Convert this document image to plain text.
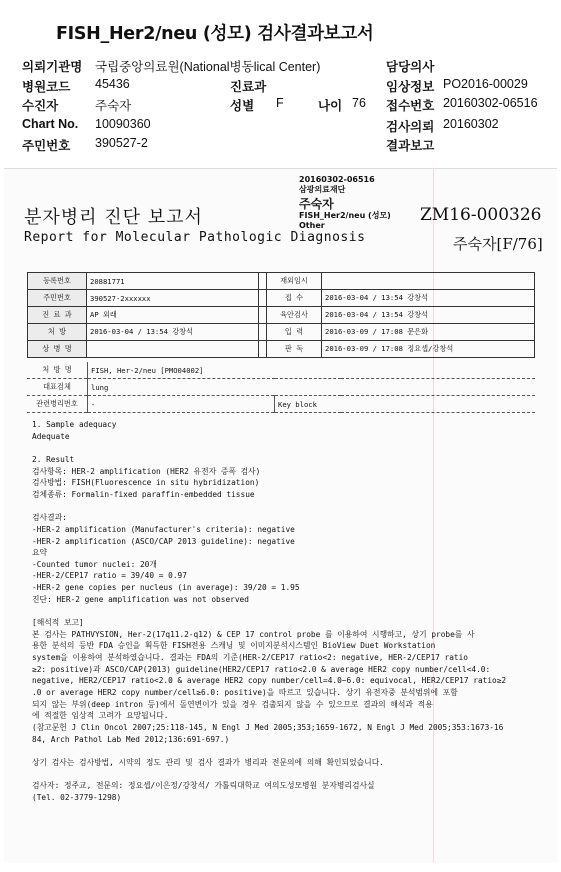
FISH_Her2/neu (성모) 검사결과보고서
의뢰기관명 국립중앙의료원(National병동lical Center)
병원코드 45436
수진자	주숙자
Chart No. 10090360
주민번호 390527-2
진료과
성별 F	나이 76
담당의사
임상정보 PO2016-00029
접수번호 20160302-06516
검사의뢰 20160302
결과보고
20160302-06516
삼광의료재단
주숙자
FISH_Her2/neu (성모)
Other
분자병리 진단 보고서
Report for Molecular Pathologic Diagnosis
ZM16-000326
주숙자[F/76]
등록번호	20881771		재외임시	
주민번호	390527-2xxxxxx		접 수	2016-03-04 / 13:54 강창석
진 료 과	AP 외래		육안검사	2016-03-04 / 13:54 강창석
처 방	2016-03-04 / 13:54 강창석		입 력	2016-03-09 / 17:08 문은화
상 병 명			판 독	2016-03-09 / 17:08 정요셉/강창석
처 방 명	FISH, Her-2/neu [PMO04002]		
대표검체	lung		
관련병리번호	-	Key block	
1. Sample adequacy
Adequate
2. Result
검사항목: HER-2 amplification (HER2 유전자 증폭 검사)
검사방법: FISH(Fluorescence in situ hybridization)
검체종류: Formalin-fixed paraffin-embedded tissue
검사결과:
-HER-2 amplification (Manufacturer's criteria): negative
-HER-2 amplification (ASCO/CAP 2013 guideline): negative
요약
-Counted tumor nuclei: 20개
-HER-2/CEP17 ratio = 39/40 = 0.97
-HER-2 gene copies per nucleus (in average): 39/20 = 1.95
진단: HER-2 gene amplification was not observed
[해석적 보고]
본 검사는 PATHVYSION, Her-2(17q11.2-q12) & CEP 17 control probe 를 이용하여 시행하고, 상기 probe를 사
용한 분석의 등반 FDA 승인을 획득한 FISH전용 스캐닝 및 이미지분석시스템인 BioView Duet Workstation
system을 이용하여 분석하였습니다. 결과는 FDA의 기준(HER-2/CEP17 ratio<2: negative, HER-2/CEP17 ratio
≥2: positive)과 ASCO/CAP(2013) guideline(HER2/CEP17 ratio<2.0 & average HER2 copy number/cell<4.0:
negative, HER2/CEP17 ratio<2.0 & average HER2 copy number/cell=4.0~6.0: equivocal, HER2/CEP17 ratio≥2
.0 or average HER2 copy number/cell≥6.0: positive)을 따르고 있습니다. 상기 유전자중 분석범위에 포함
되지 않는 부위(deep intron 등)에서 돌연변이가 있을 경우 검출되지 않을 수 있으므로 결과의 해석과 적용
에 적절한 임상적 고려가 요망됩니다.
(참고문헌 J Clin Oncol 2007;25:118-145, N Engl J Med 2005;353;1659-1672, N Engl J Med 2005;353:1673-16
84, Arch Pathol Lab Med 2012;136:691-697.)
상기 검사는 검사방법, 시약의 정도 관리 및 검사 결과가 병리과 전문의에 의해 확인되었습니다.
검사자: 정주교, 전문의: 정요셉/이은정/강창석/ 가톨릭대학교 여의도성모병원 분자병리검사실
(Tel. 02-3779-1298)
